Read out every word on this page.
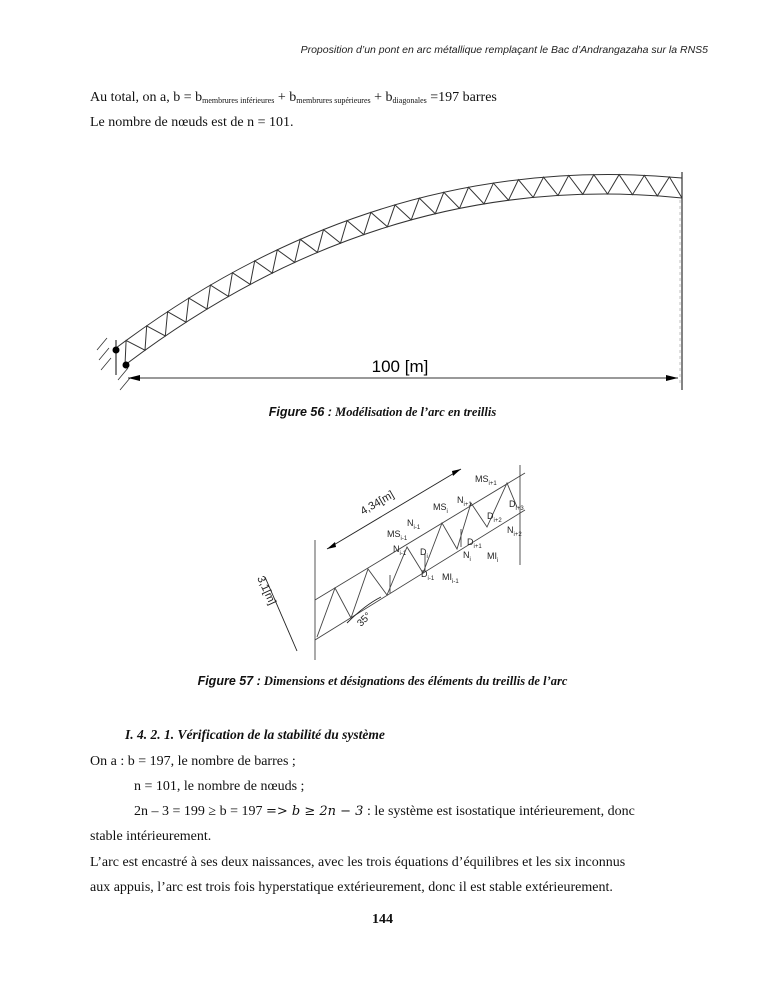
Proposition d’un pont en arc métallique remplaçant le Bac d’Andrangazaha sur la RNS5
Au total, on a, $b = b_{membrures inférieures} + b_{membrures supérieures} + b_{diagonales} =197$ barres
Le nombre de nœuds est de n = 101.
100 [m]
Figure 56 : Modélisation de l’arc en treillis
4,34[m]
3,1[m]
35°
$MS_{i-1}$
$MS_i$
$MS_{i+1}$
$N_{i-1}$
$N_{i+1}$
$N_i$
$N_{i+2}$
$D_i$
$N_{i-1}$
$D_{i-1}$
$D_{i+1}$
$D_{i+2}$
$D_{i+3}$
$MI_{i-1}$
$MI_i$
Figure 57 : Dimensions et désignations des éléments du treillis de l’arc
I. 4. 2. 1. Vérification de la stabilité du système
On a : b = 197, le nombre de barres ;
n = 101, le nombre de nœuds ;
2n – 3 = 199 ≥ b = 197 => b ≥ 2n − 3 : le système est isostatique intérieurement, donc
stable intérieurement.
L’arc est encastré à ses deux naissances, avec les trois équations d’équilibres et les six inconnus
aux appuis, l’arc est trois fois hyperstatique extérieurement, donc il est stable extérieurement.
144
